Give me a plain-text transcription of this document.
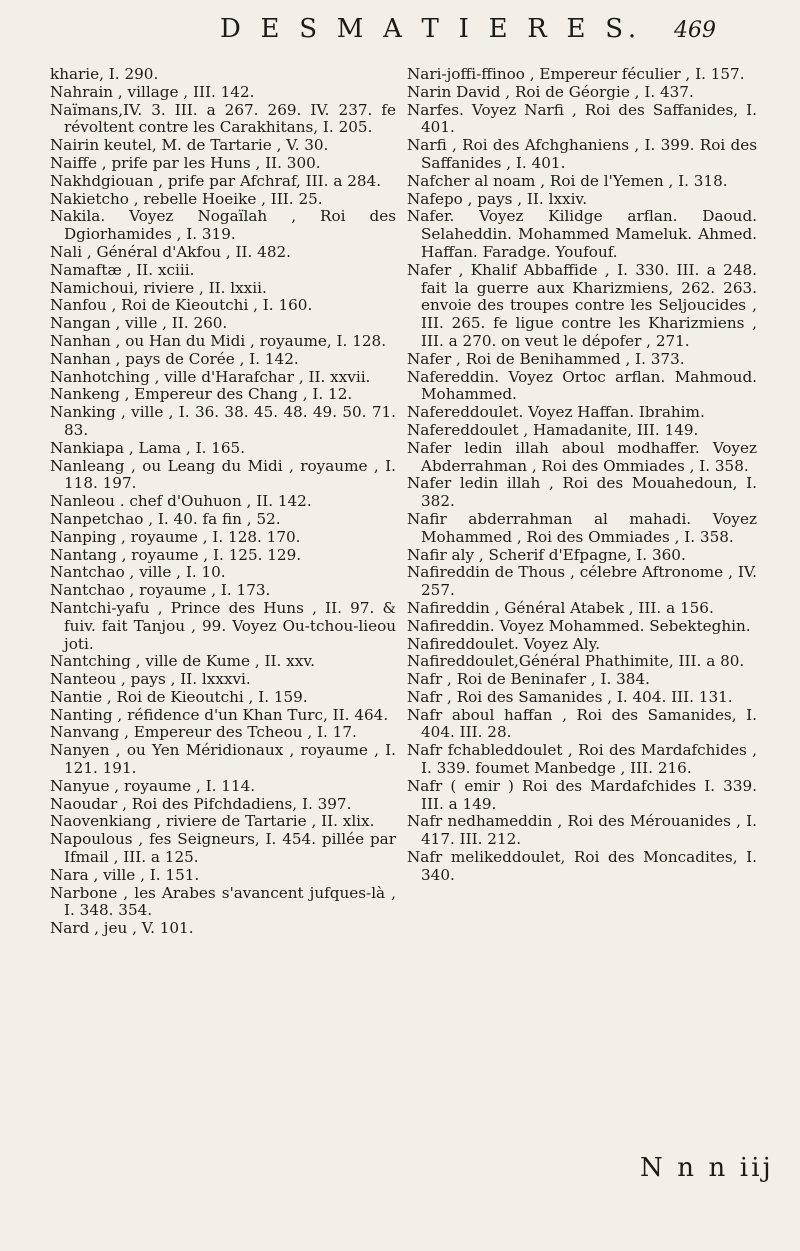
D E S M A T I E R E S. 469

kharie, I. 290.

Nahrain , village , III. 142.

Naïmans,IV. 3. III. a 267. 269. IV. 237. fe révoltent contre les Carakhitans, I. 205.

Nairin keutel, M. de Tartarie , V. 30.

Naiffe , prife par les Huns , II. 300.

Nakhdgiouan , prife par Afchraf, III. a 284.

Nakietcho , rebelle Hoeike , III. 25.

Nakila. Voyez Nogaïlah , Roi des Dgiorhamides , I. 319.

Nali , Général d'Akfou , II. 482.

Namaftæ , II. xciii.

Namichoui, riviere , II. lxxii.

Nanfou , Roi de Kieoutchi , I. 160.

Nangan , ville , II. 260.

Nanhan , ou Han du Midi , royaume, I. 128.

Nanhan , pays de Corée , I. 142.

Nanhotching , ville d'Harafchar , II. xxvii.

Nankeng , Empereur des Chang , I. 12.

Nanking , ville , I. 36. 38. 45. 48. 49. 50. 71. 83.

Nankiapa , Lama , I. 165.

Nanleang , ou Leang du Midi , royaume , I. 118. 197.

Nanleou . chef d'Ouhuon , II. 142.

Nanpetchao , I. 40. fa fin , 52.

Nanping , royaume , I. 128. 170.

Nantang , royaume , I. 125. 129.

Nantchao , ville , I. 10.

Nantchao , royaume , I. 173.

Nantchi-yafu , Prince des Huns , II. 97. & fuiv. fait Tanjou , 99. Voyez Ou-tchou-lieou joti.

Nantching , ville de Kume , II. xxv.

Nanteou , pays , II. lxxxvi.

Nantie , Roi de Kieoutchi , I. 159.

Nanting , réfidence d'un Khan Turc, II. 464.

Nanvang , Empereur des Tcheou , I. 17.

Nanyen , ou Yen Méridionaux , royaume , I. 121. 191.

Nanyue , royaume , I. 114.

Naoudar , Roi des Pifchdadiens, I. 397.

Naovenkiang , riviere de Tartarie , II. xlix.

Napoulous , fes Seigneurs, I. 454. pillée par Ifmail , III. a 125.

Nara , ville , I. 151.

Narbone , les Arabes s'avancent jufques-là , I. 348. 354.

Nard , jeu , V. 101.

Nari-joffi-ffinoo , Empereur féculier , I. 157.

Narin David , Roi de Géorgie , I. 437.

Narfes. Voyez Narfi , Roi des Saffanides, I. 401.

Narfi , Roi des Afchghaniens , I. 399. Roi des Saffanides , I. 401.

Nafcher al noam , Roi de l'Yemen , I. 318.

Nafepo , pays , II. lxxiv.

Nafer. Voyez Kilidge arflan. Daoud. Selaheddin. Mohammed Mameluk. Ahmed. Haffan. Faradge. Youfouf.

Nafer , Khalif Abbaffide , I. 330. III. a 248. fait la guerre aux Kharizmiens, 262. 263. envoie des troupes contre les Seljoucides , III. 265. fe ligue contre les Kharizmiens , III. a 270. on veut le dépofer , 271.

Nafer , Roi de Benihammed , I. 373.

Nafereddin. Voyez Ortoc arflan. Mahmoud. Mohammed.

Nafereddoulet. Voyez Haffan. Ibrahim.

Nafereddoulet , Hamadanite, III. 149.

Nafer ledin illah aboul modhaffer. Voyez Abderrahman , Roi des Ommiades , I. 358.

Nafer ledin illah , Roi des Mouahedoun, I. 382.

Nafir abderrahman al mahadi. Voyez Mohammed , Roi des Ommiades , I. 358.

Nafir aly , Scherif d'Efpagne, I. 360.

Nafireddin de Thous , célebre Aftronome , IV. 257.

Nafireddin , Général Atabek , III. a 156.

Nafireddin. Voyez Mohammed. Sebekteghin.

Nafireddoulet. Voyez Aly.

Nafireddoulet,Général Phathimite, III. a 80.

Nafr , Roi de Beninafer , I. 384.

Nafr , Roi des Samanides , I. 404. III. 131.

Nafr aboul haffan , Roi des Samanides, I. 404. III. 28.

Nafr fchableddoulet , Roi des Mardafchides , I. 339. foumet Manbedge , III. 216.

Nafr ( emir ) Roi des Mardafchides I. 339. III. a 149.

Nafr nedhameddin , Roi des Mérouanides , I. 417. III. 212.

Nafr melikeddoulet, Roi des Moncadites, I. 340.

N n n iij
